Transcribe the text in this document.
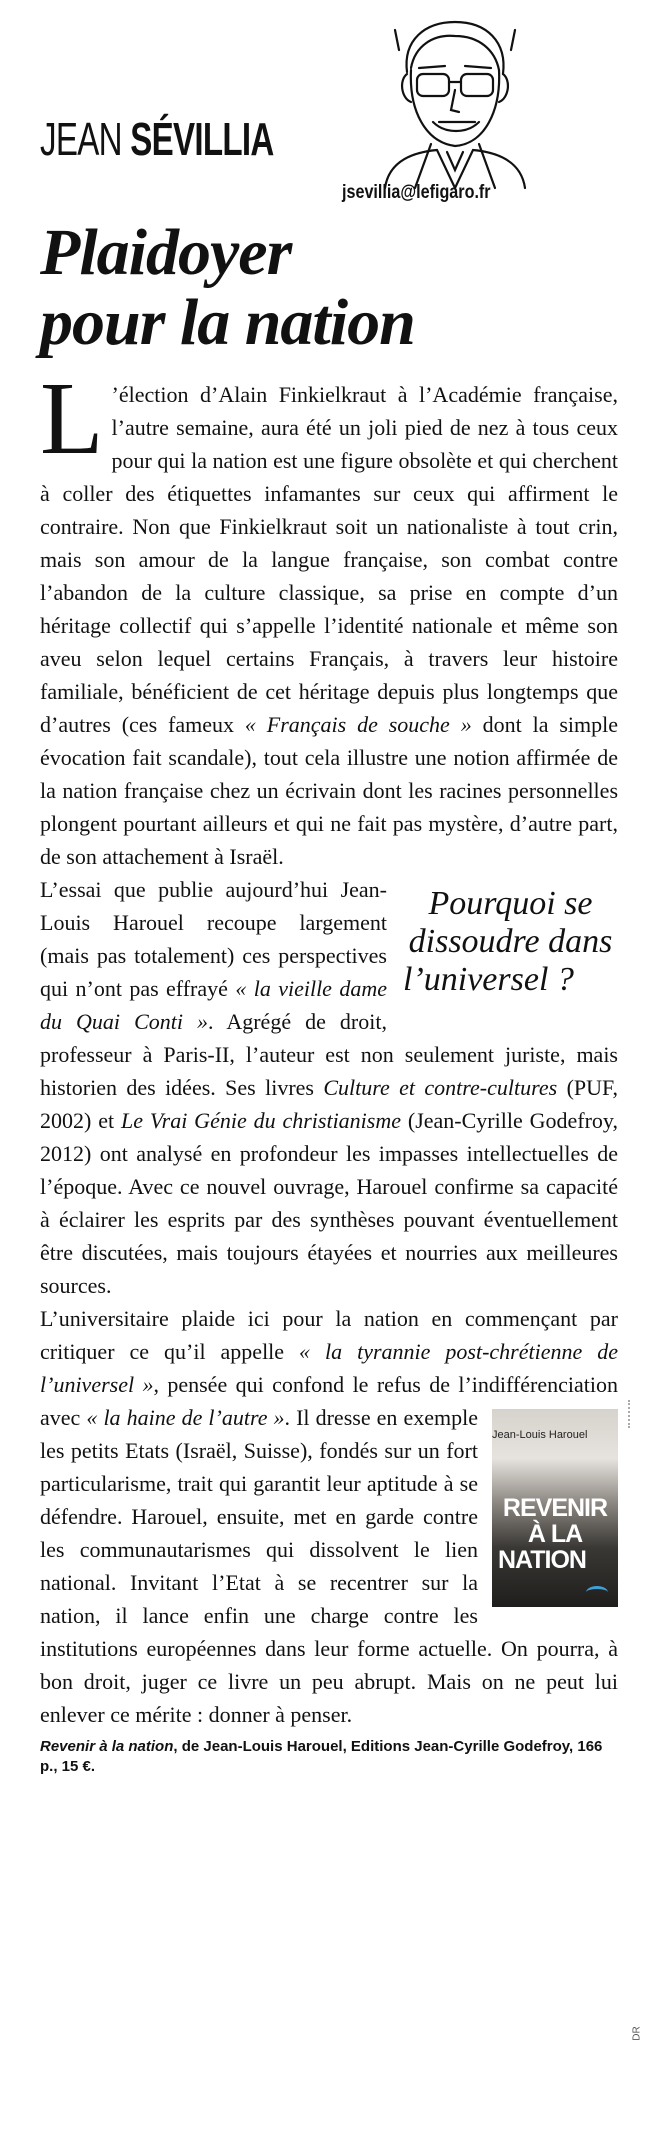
JEAN SÉVILLIA
jsevillia@lefigaro.fr
Plaidoyer
pour la nation

L ’élection d’Alain Finkielkraut à l’Académie française, l’autre semaine, aura été un joli pied de nez à tous ceux pour qui la nation est une figure obsolète et qui cherchent à coller des étiquettes infamantes sur ceux qui affirment le contraire. Non que Finkielkraut soit un nationaliste à tout crin, mais son amour de la langue française, son combat contre l’abandon de la culture classique, sa prise en compte d’un héritage collectif qui s’appelle l’identité nationale et même son aveu selon lequel certains Français, à travers leur histoire familiale, bénéficient de cet héritage depuis plus longtemps que d’autres (ces fameux « Français de souche » dont la simple évocation fait scandale), tout cela illustre une notion affirmée de la nation française chez un écrivain dont les racines personnelles plongent pourtant ailleurs et qui ne fait pas mystère, d’autre part, de son attachement à Israël.

Pourquoi se dissoudre dans l’universel ?
L’essai que publie aujourd’hui Jean-Louis Harouel recoupe largement (mais pas totalement) ces perspectives qui n’ont pas effrayé « la vieille dame du Quai Conti ». Agrégé de droit, professeur à Paris-II, l’auteur est non seulement juriste, mais historien des idées. Ses livres Culture et contre-cultures (PUF, 2002) et Le Vrai Génie du christianisme (Jean-Cyrille Godefroy, 2012) ont analysé en profondeur les impasses intellectuelles de l’époque. Avec ce nouvel ouvrage, Harouel confirme sa capacité à éclairer les esprits par des synthèses pouvant éventuellement être discutées, mais toujours étayées et nourries aux meilleures sources.

L’universitaire plaide ici pour la nation en commençant par critiquer ce qu’il appelle « la tyrannie post-chrétienne de l’universel », pensée qui confond le refus de l’indifférenciation avec « la haine de l’autre »
Jean-Louis Harouel
REVENIR À LA NATION
. Il dresse en exemple les petits Etats (Israël, Suisse), fondés sur un fort particularisme, trait qui garantit leur aptitude à se défendre. Harouel, ensuite, met en garde contre les communautarismes qui dissolvent le lien national. Invitant l’Etat à se recentrer sur la nation, il lance enfin une charge contre les institutions européennes dans leur forme actuelle. On pourra, à bon droit, juger ce livre un peu abrupt. Mais on ne peut lui enlever ce mérite : donner à penser.

Revenir à la nation, de Jean-Louis Harouel, Editions Jean-Cyrille Godefroy, 166 p., 15 €.
DR
